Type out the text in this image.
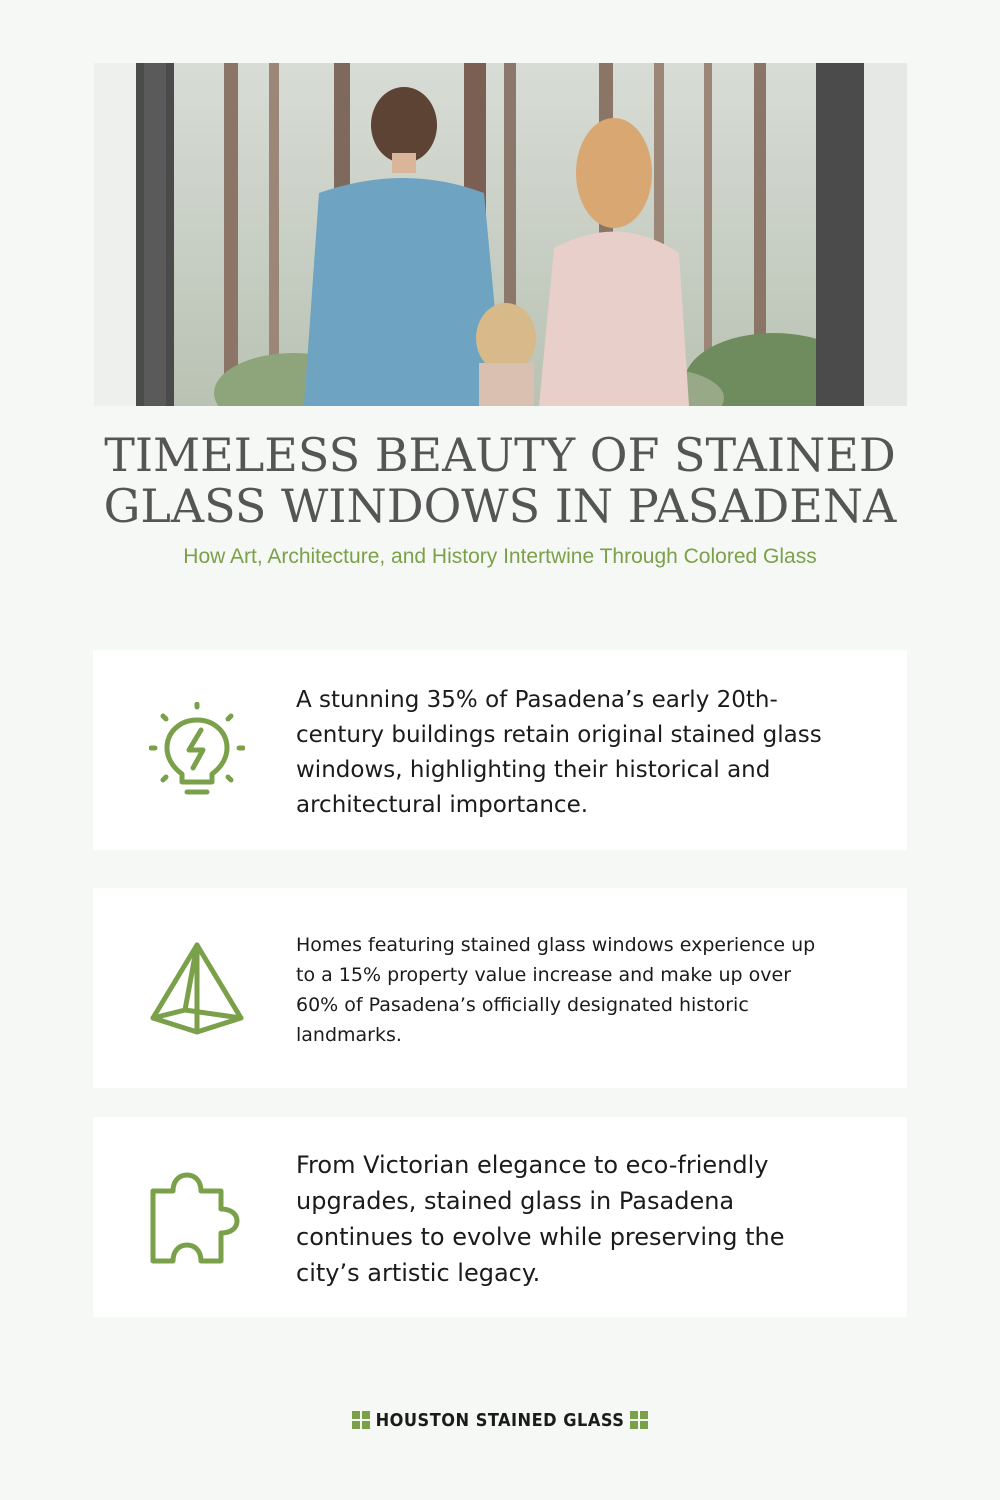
TIMELESS BEAUTY OF STAINED
GLASS WINDOWS IN PASADENA
How Art, Architecture, and History Intertwine Through Colored Glass
A stunning 35% of Pasadena’s early 20th-century buildings retain original stained glass windows, highlighting their historical and architectural importance.
Homes featuring stained glass windows experience up to a 15% property value increase and make up over 60% of Pasadena’s officially designated historic landmarks.
From Victorian elegance to eco-friendly upgrades, stained glass in Pasadena continues to evolve while preserving the city’s artistic legacy.
HOUSTON STAINED GLASS
